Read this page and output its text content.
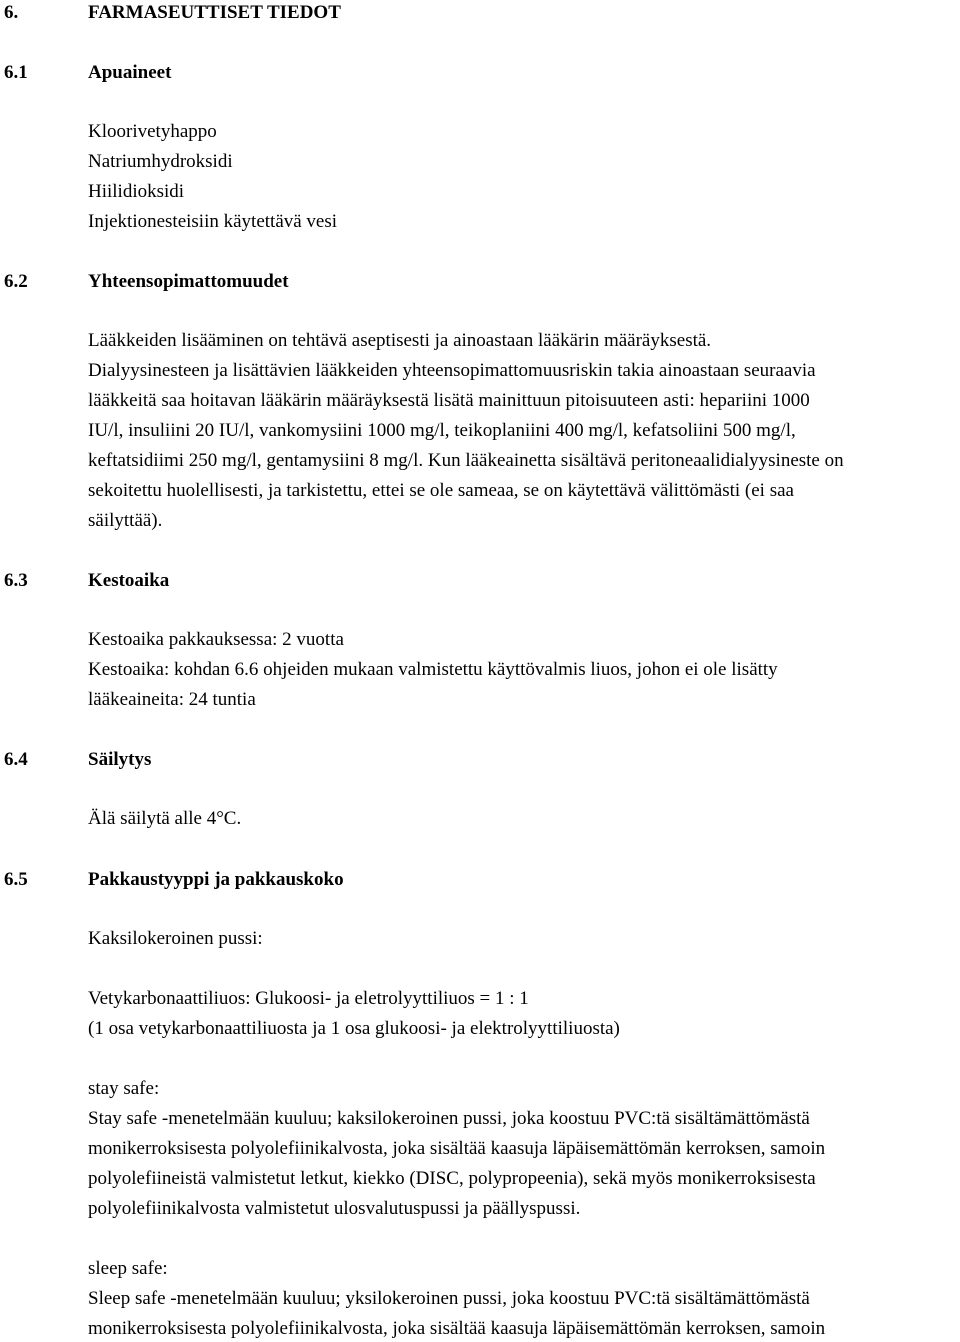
6.	FARMASEUTTISET TIEDOT
6.1	Apuaineet
Kloorivetyhappo
Natriumhydroksidi
Hiilidioksidi
Injektionesteisiin käytettävä vesi
6.2	Yhteensopimattomuudet
Lääkkeiden lisääminen on tehtävä aseptisesti ja ainoastaan lääkärin määräyksestä.
Dialyysinesteen ja lisättävien lääkkeiden yhteensopimattomuusriskin takia ainoastaan seuraavia
lääkkeitä saa hoitavan lääkärin määräyksestä lisätä mainittuun pitoisuuteen asti: hepariini 1000
IU/l, insuliini 20 IU/l, vankomysiini 1000 mg/l, teikoplaniini 400 mg/l, kefatsoliini 500 mg/l,
keftatsidiimi 250 mg/l, gentamysiini 8 mg/l. Kun lääkeainetta sisältävä peritoneaalidialyysineste on
sekoitettu huolellisesti, ja tarkistettu, ettei se ole sameaa, se on käytettävä välittömästi (ei saa
säilyttää).
6.3	Kestoaika
Kestoaika pakkauksessa: 2 vuotta
Kestoaika: kohdan 6.6 ohjeiden mukaan valmistettu käyttövalmis liuos, johon ei ole lisätty
lääkeaineita: 24 tuntia
6.4	Säilytys
Älä säilytä alle 4°C.
6.5	Pakkaustyyppi ja pakkauskoko
Kaksilokeroinen pussi:
Vetykarbonaattiliuos: Glukoosi- ja eletrolyyttiliuos = 1 : 1
(1 osa vetykarbonaattiliuosta ja 1 osa glukoosi- ja elektrolyyttiliuosta)
stay safe:
Stay safe -menetelmään kuuluu; kaksilokeroinen pussi, joka koostuu PVC:tä sisältämättömästä
monikerroksisesta polyolefiinikalvosta, joka sisältää kaasuja läpäisemättömän kerroksen, samoin
polyolefiineistä valmistetut letkut, kiekko (DISC, polypropeenia), sekä myös monikerroksisesta
polyolefiinikalvosta valmistetut ulosvalutuspussi ja päällyspussi.
sleep safe:
Sleep safe -menetelmään kuuluu; yksilokeroinen pussi, joka koostuu PVC:tä sisältämättömästä
monikerroksisesta polyolefiinikalvosta, joka sisältää kaasuja läpäisemättömän kerroksen, samoin
